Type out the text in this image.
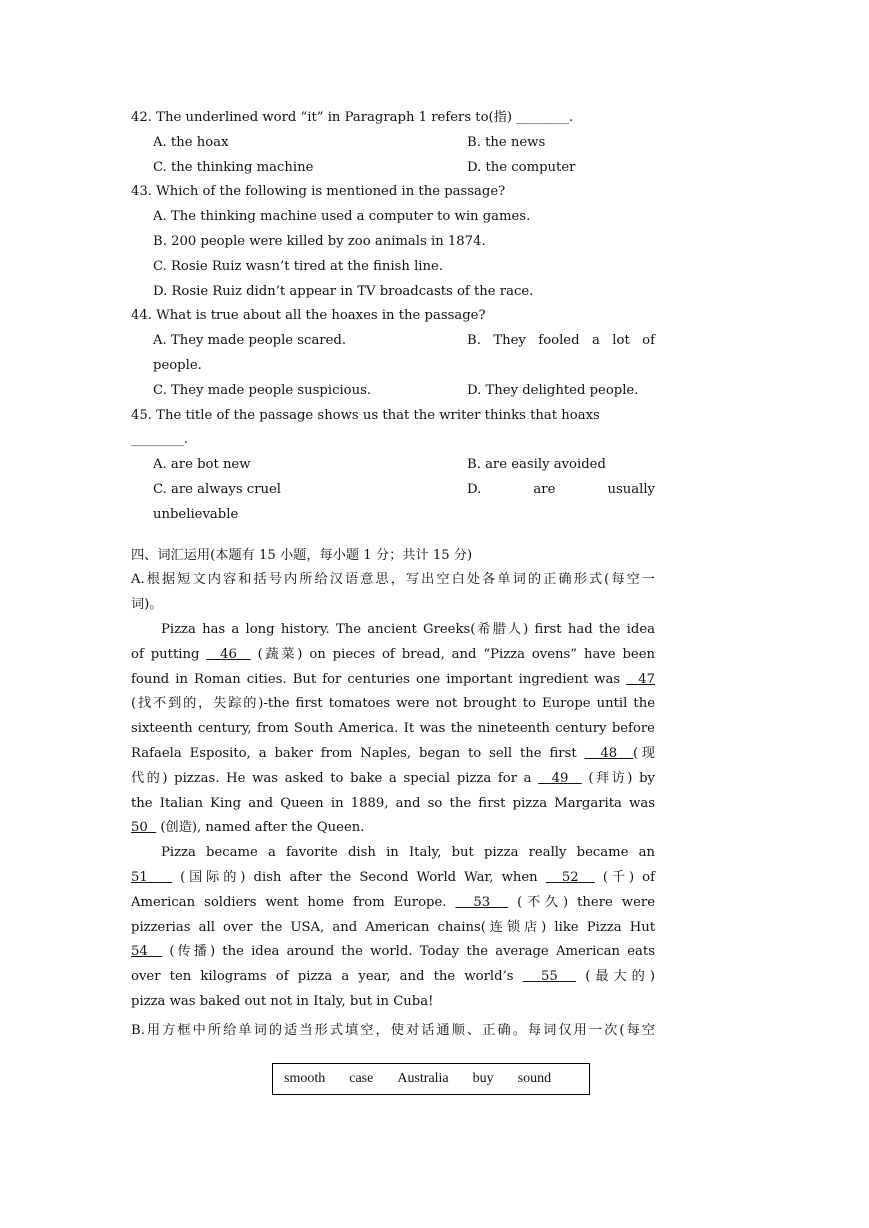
42. The underlined word “it” in Paragraph 1 refers to(指) ________.
A. the hoax	B. the news
C. the thinking machine	D. the computer
43. Which of the following is mentioned in the passage?
A. The thinking machine used a computer to win games.
B. 200 people were killed by zoo animals in 1874.
C. Rosie Ruiz wasn’t tired at the finish line.
D. Rosie Ruiz didn’t appear in TV broadcasts of the race.
44. What is true about all the hoaxes in the passage?
A. They made people scared.	B. They fooled a lot of
people.
C. They made people suspicious.	D. They delighted people.
45. The title of the passage shows us that the writer thinks that hoaxs
________.
A. are bot new	B. are easily avoided
C. are always cruel	D. are usually
unbelievable
四、词汇运用(本题有 15 小题，每小题 1 分；共计 15 分)
A.根据短文内容和括号内所给汉语意思，写出空白处各单词的正确形式(每空一
词)。
Pizza has a long history. The ancient Greeks(希腊人) first had the idea
of putting 46 (蔬菜) on pieces of bread, and “Pizza ovens” have been
found in Roman cities. But for centuries one important ingredient was 47
(找不到的，失踪的)-the first tomatoes were not brought to Europe until the
sixteenth century, from South America. It was the nineteenth century before
Rafaela Esposito, a baker from Naples, began to sell the first 48 (现
代的) pizzas. He was asked to bake a special pizza for a 49 (拜访) by
the Italian King and Queen in 1889, and so the first pizza Margarita was
50 (创造), named after the Queen.
Pizza became a favorite dish in Italy, but pizza really became an
51 (国际的) dish after the Second World War, when 52 (千) of
American soldiers went home from Europe. 53 (不久) there were
pizzerias all over the USA, and American chains(连锁店) like Pizza Hut
54 (传播) the idea around the world. Today the average American eats
over ten kilograms of pizza a year, and the world’s 55 (最大的)
pizza was baked out not in Italy, but in Cuba!
B.用方框中所给单词的适当形式填空，使对话通顺、正确。每词仅用一次(每空
smooth case Australia buy sound
